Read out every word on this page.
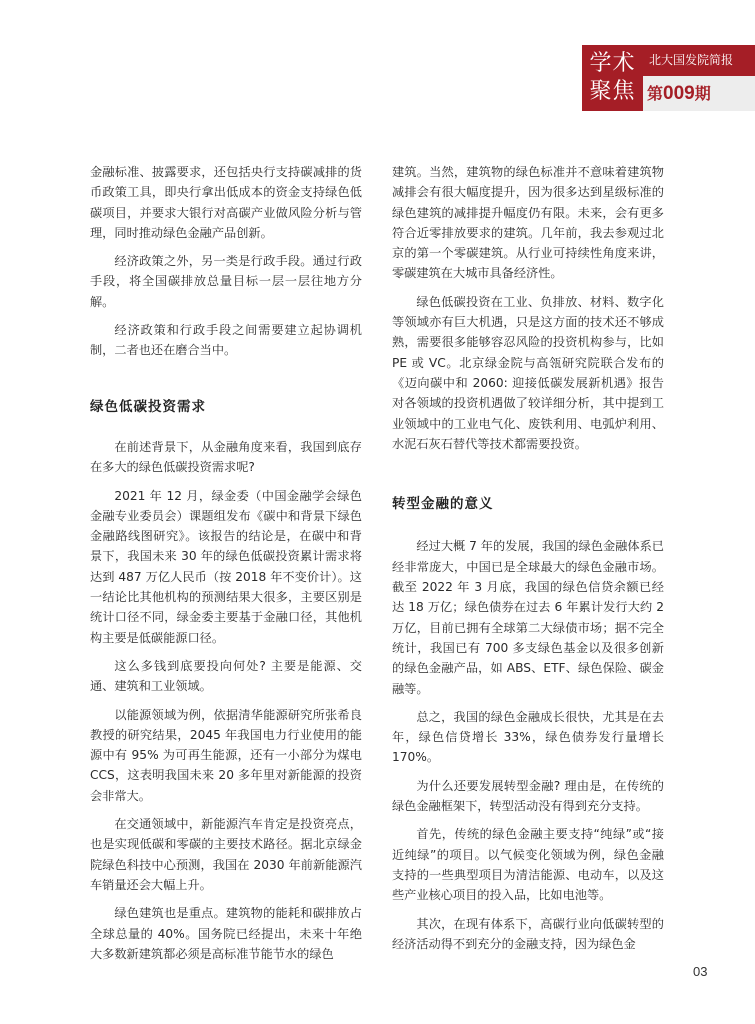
学术
聚焦
北大国发院简报
第009期

金融标准、披露要求，还包括央行支持碳减排的货币政策工具，即央行拿出低成本的资金支持绿色低碳项目，并要求大银行对高碳产业做风险分析与管理，同时推动绿色金融产品创新。

经济政策之外，另一类是行政手段。通过行政手段，将全国碳排放总量目标一层一层往地方分解。

经济政策和行政手段之间需要建立起协调机制，二者也还在磨合当中。

绿色低碳投资需求

在前述背景下，从金融角度来看，我国到底存在多大的绿色低碳投资需求呢?

2021 年 12 月，绿金委（中国金融学会绿色金融专业委员会）课题组发布《碳中和背景下绿色金融路线图研究》。该报告的结论是，在碳中和背景下，我国未来 30 年的绿色低碳投资累计需求将达到 487 万亿人民币（按 2018 年不变价计）。这一结论比其他机构的预测结果大很多，主要区别是统计口径不同，绿金委主要基于金融口径，其他机构主要是低碳能源口径。

这么多钱到底要投向何处? 主要是能源、交通、建筑和工业领域。

以能源领域为例，依据清华能源研究所张希良教授的研究结果，2045 年我国电力行业使用的能源中有 95% 为可再生能源，还有一小部分为煤电 CCS，这表明我国未来 20 多年里对新能源的投资会非常大。

在交通领域中，新能源汽车肯定是投资亮点，也是实现低碳和零碳的主要技术路径。据北京绿金院绿色科技中心预测，我国在 2030 年前新能源汽车销量还会大幅上升。

绿色建筑也是重点。建筑物的能耗和碳排放占全球总量的 40%。国务院已经提出，未来十年绝大多数新建筑都必须是高标准节能节水的绿色

建筑。当然，建筑物的绿色标准并不意味着建筑物减排会有很大幅度提升，因为很多达到星级标准的绿色建筑的减排提升幅度仍有限。未来，会有更多符合近零排放要求的建筑。几年前，我去参观过北京的第一个零碳建筑。从行业可持续性角度来讲，零碳建筑在大城市具备经济性。

绿色低碳投资在工业、负排放、材料、数字化等领域亦有巨大机遇，只是这方面的技术还不够成熟，需要很多能够容忍风险的投资机构参与，比如 PE 或 VC。北京绿金院与高瓴研究院联合发布的《迈向碳中和 2060: 迎接低碳发展新机遇》报告对各领域的投资机遇做了较详细分析，其中提到工业领域中的工业电气化、废铁利用、电弧炉利用、水泥石灰石替代等技术都需要投资。

转型金融的意义

经过大概 7 年的发展，我国的绿色金融体系已经非常庞大，中国已是全球最大的绿色金融市场。截至 2022 年 3 月底，我国的绿色信贷余额已经达 18 万亿；绿色债券在过去 6 年累计发行大约 2 万亿，目前已拥有全球第二大绿债市场；据不完全统计，我国已有 700 多支绿色基金以及很多创新的绿色金融产品，如 ABS、ETF、绿色保险、碳金融等。

总之，我国的绿色金融成长很快，尤其是在去年，绿色信贷增长 33%，绿色债券发行量增长 170%。

为什么还要发展转型金融? 理由是，在传统的绿色金融框架下，转型活动没有得到充分支持。

首先，传统的绿色金融主要支持“纯绿”或“接近纯绿”的项目。以气候变化领域为例，绿色金融支持的一些典型项目为清洁能源、电动车，以及这些产业核心项目的投入品，比如电池等。

其次，在现有体系下，高碳行业向低碳转型的经济活动得不到充分的金融支持，因为绿色金

03
